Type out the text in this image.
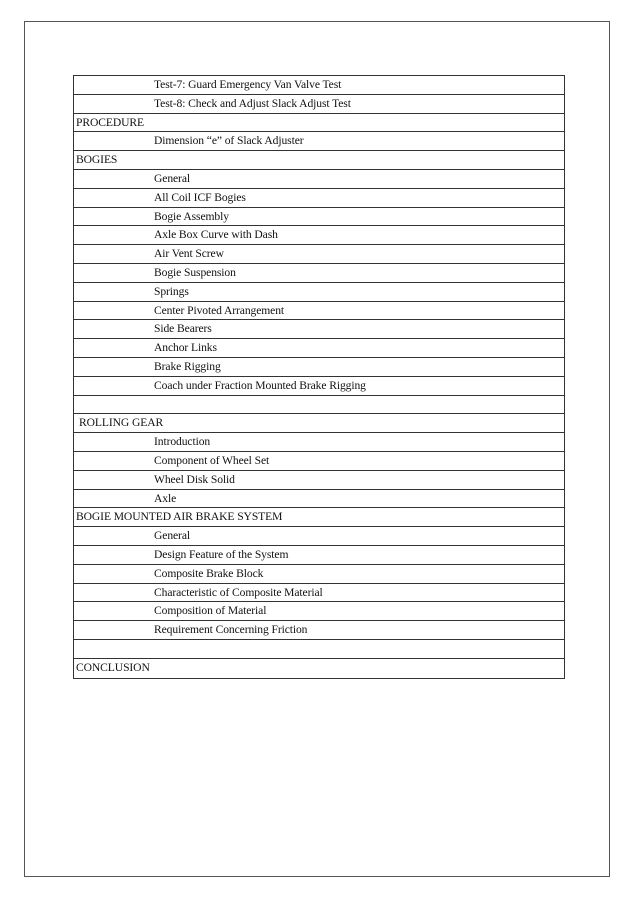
Test-7: Guard Emergency Van Valve Test
Test-8: Check and Adjust Slack Adjust Test
PROCEDURE
Dimension “e” of Slack Adjuster
BOGIES
General
All Coil ICF Bogies
Bogie Assembly
Axle Box Curve with Dash
Air Vent Screw
Bogie Suspension
Springs
Center Pivoted Arrangement
Side Bearers
Anchor Links
Brake Rigging
Coach under Fraction Mounted Brake Rigging
ROLLING GEAR
Introduction
Component of Wheel Set
Wheel Disk Solid
Axle
BOGIE MOUNTED AIR BRAKE SYSTEM
General
Design Feature of the System
Composite Brake Block
Characteristic of Composite Material
Composition of Material
Requirement Concerning Friction
CONCLUSION
